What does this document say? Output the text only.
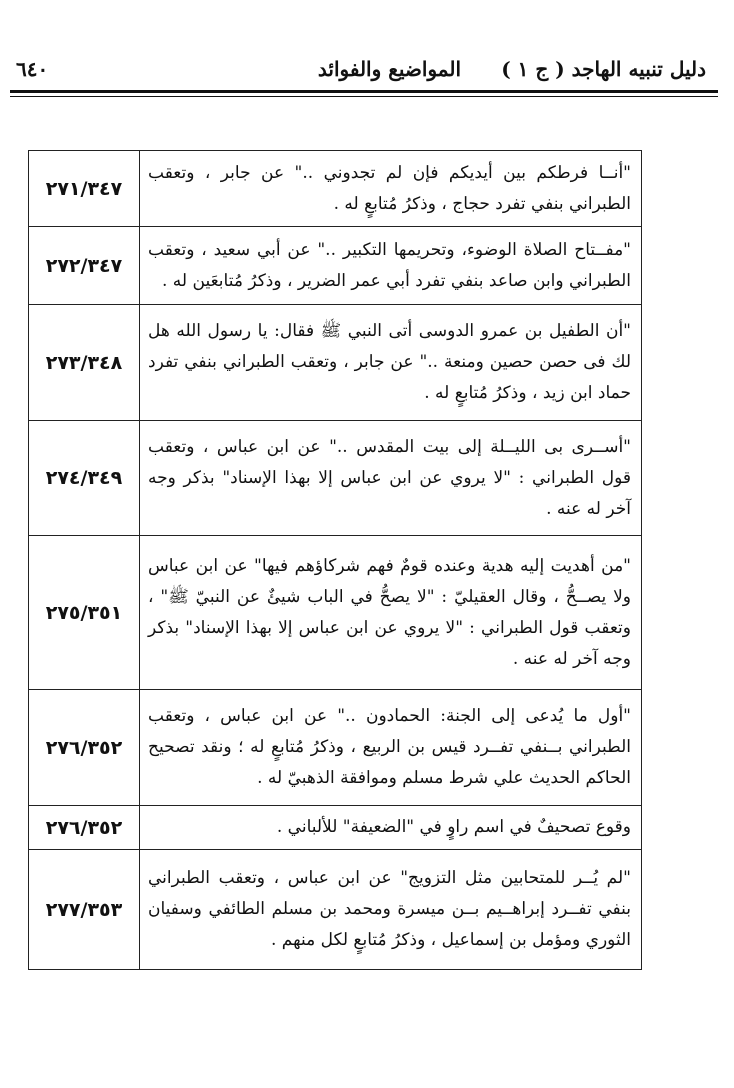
دليل تنبيه الهاجد ( ج ١ )
المواضيع والفوائد
٦٤٠
٢٧١/٣٤٧	"أنــا فرطكم بين أيديكم فإن لم تجدوني .." عن جابر ، وتعقب الطبراني بنفي تفرد حجاج ، وذكرُ مُتابعٍ له .
٢٧٢/٣٤٧	"مفــتاح الصلاة الوضوء، وتحريمها التكبير .." عن أبي سعيد ، وتعقب الطبراني وابن صاعد بنفي تفرد أبي عمر الضرير ، وذكرُ مُتابعَين له .
٢٧٣/٣٤٨	"أن الطفيل بن عمرو الدوسى أتى النبي ﷺ فقال: يا رسول الله هل لك فى حصن حصين ومنعة .." عن جابر ، وتعقب الطبراني بنفي تفرد حماد ابن زيد ، وذكرُ مُتابعٍ له .
٢٧٤/٣٤٩	"أســرى بى الليــلة إلى بيت المقدس .." عن ابن عباس ، وتعقب قول الطبراني : "لا يروي عن ابن عباس إلا بهذا الإسناد" بذكر وجه آخر له عنه .
٢٧٥/٣٥١	"من أهديت إليه هدية وعنده قومٌ فهم شركاؤهم فيها" عن ابن عباس ولا يصــحُّ ، وقال العقيليّ : "لا يصحُّ في الباب شيئٌ عن النبيّ ﷺ" ، وتعقب قول الطبراني : "لا يروي عن ابن عباس إلا بهذا الإسناد" بذكر وجه آخر له عنه .
٢٧٦/٣٥٢	"أول ما يُدعى إلى الجنة: الحمادون .." عن ابن عباس ، وتعقب الطبراني بــنفي تفــرد قيس بن الربيع ، وذكرُ مُتابعٍ له ؛ ونقد تصحيح الحاكم الحديث علي شرط مسلم وموافقة الذهبيّ له .
٢٧٦/٣٥٢	وقوع تصحيفٌ في اسم راوٍ في "الضعيفة" للألباني .
٢٧٧/٣٥٣	"لم يُــر للمتحابين مثل التزويج" عن ابن عباس ، وتعقب الطبراني بنفي تفــرد إبراهــيم بــن ميسرة ومحمد بن مسلم الطائفي وسفيان الثوري ومؤمل بن إسماعيل ، وذكرُ مُتابعٍ لكل منهم .
